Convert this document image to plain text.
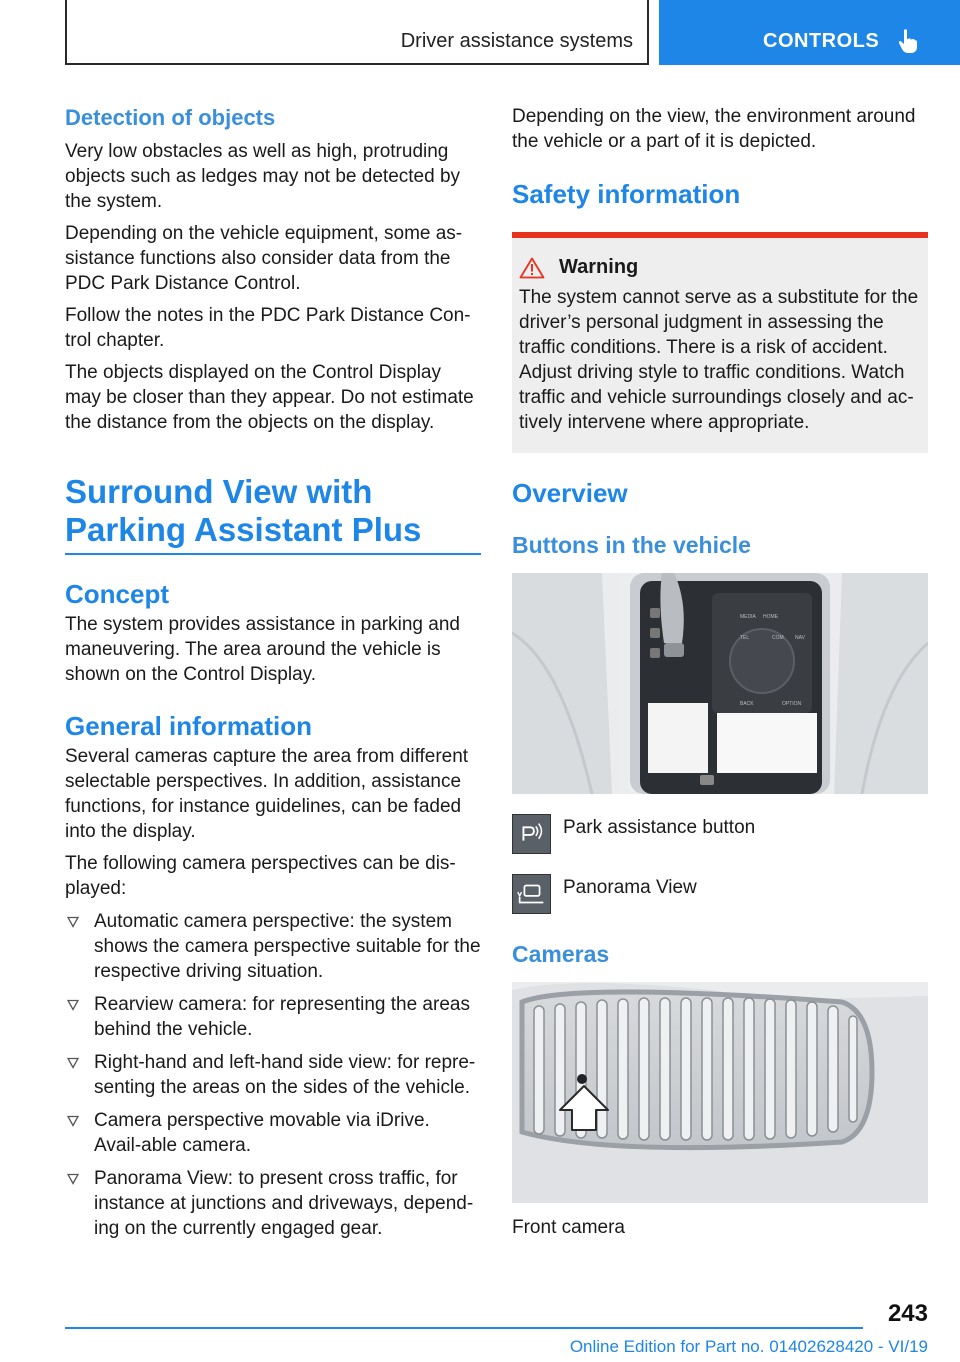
Driver assistance systems	CONTROLS
Detection of objects

Very low obstacles as well as high, protruding objects such as ledges may not be detected by the system.

Depending on the vehicle equipment, some as-sistance functions also consider data from the PDC Park Distance Control.

Follow the notes in the PDC Park Distance Con-trol chapter.

The objects displayed on the Control Display may be closer than they appear. Do not estimate the distance from the objects on the display.

Surround View with
Parking Assistant Plus
Concept

The system provides assistance in parking and maneuvering. The area around the vehicle is shown on the Control Display.

General information

Several cameras capture the area from different selectable perspectives. In addition, assistance functions, for instance guidelines, can be faded into the display.

The following camera perspectives can be dis-played:

Automatic camera perspective: the system shows the camera perspective suitable for the respective driving situation.
Rearview camera: for representing the areas behind the vehicle.
Right-hand and left-hand side view: for repre-senting the areas on the sides of the vehicle.
Camera perspective movable via iDrive. Avail-able camera.
Panorama View: to present cross traffic, for instance at junctions and driveways, depend-ing on the currently engaged gear.

Depending on the view, the environment around the vehicle or a part of it is depicted.

Safety information
Warning

The system cannot serve as a substitute for the driver’s personal judgment in assessing the traffic conditions. There is a risk of accident. Adjust driving style to traffic conditions. Watch traffic and vehicle surroundings closely and ac-tively intervene where appropriate.

Overview
Buttons in the vehicle
MEDIA HOME
TEL	COM NAV
BACK	OPTION
Park assistance button
Panorama View
Cameras

Front camera

243
Online Edition for Part no. 01402628420 - VI/19
